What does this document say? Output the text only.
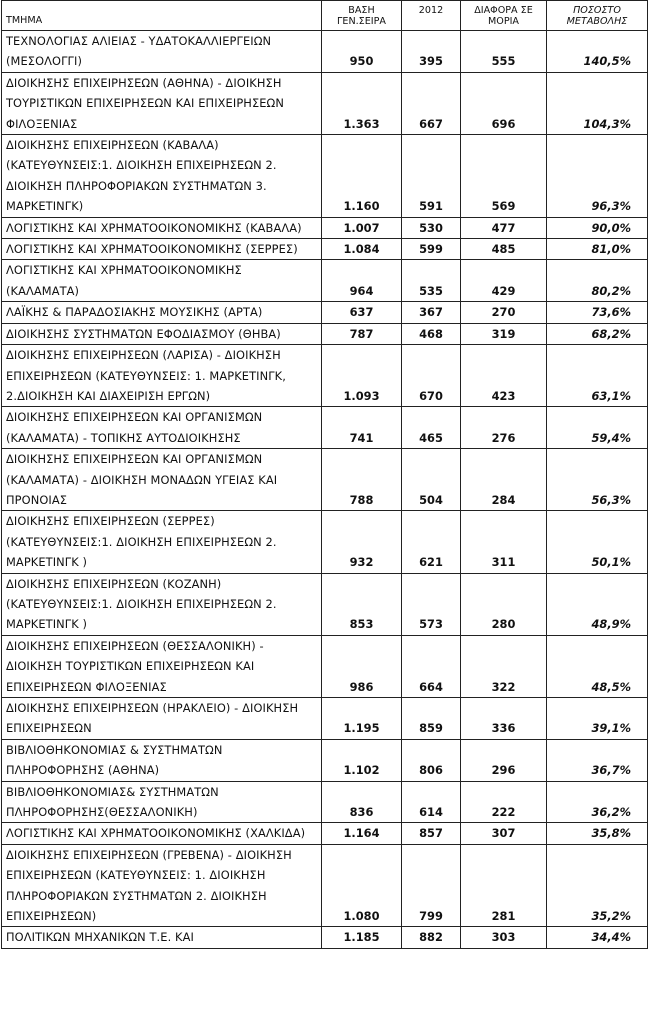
ΤΜΗΜΑ	ΒΑΣΗ ΓΕΝ.ΣΕΙΡΑ	2012	ΔΙΑΦΟΡΑ ΣΕ ΜΟΡΙΑ	ΠΟΣΟΣΤΟ ΜΕΤΑΒΟΛΗΣ
ΤΕΧΝΟΛΟΓΙΑΣ ΑΛΙΕΙΑΣ - ΥΔΑΤΟΚΑΛΛΙΕΡΓΕΙΩΝ (ΜΕΣΟΛΟΓΓΙ)	950	395	555	140,5%
ΔΙΟΙΚΗΣΗΣ ΕΠΙΧΕΙΡΗΣΕΩΝ (ΑΘΗΝΑ) - ΔΙΟΙΚΗΣΗ ΤΟΥΡΙΣΤΙΚΩΝ ΕΠΙΧΕΙΡΗΣΕΩΝ ΚΑΙ ΕΠΙΧΕΙΡΗΣΕΩΝ ΦΙΛΟΞΕΝΙΑΣ	1.363	667	696	104,3%
ΔΙΟΙΚΗΣΗΣ ΕΠΙΧΕΙΡΗΣΕΩΝ (ΚΑΒΑΛΑ) (ΚΑΤΕΥΘΥΝΣΕΙΣ:1. ΔΙΟΙΚΗΣΗ ΕΠΙΧΕΙΡΗΣΕΩΝ 2. ΔΙΟΙΚΗΣΗ ΠΛΗΡΟΦΟΡΙΑΚΩΝ ΣΥΣΤΗΜΑΤΩΝ 3. ΜΑΡΚΕΤΙΝΓΚ)	1.160	591	569	96,3%
ΛΟΓΙΣΤΙΚΗΣ ΚΑΙ ΧΡΗΜΑΤΟΟΙΚΟΝΟΜΙΚΗΣ (ΚΑΒΑΛΑ)	1.007	530	477	90,0%
ΛΟΓΙΣΤΙΚΗΣ ΚΑΙ ΧΡΗΜΑΤΟΟΙΚΟΝΟΜΙΚΗΣ (ΣΕΡΡΕΣ)	1.084	599	485	81,0%
ΛΟΓΙΣΤΙΚΗΣ ΚΑΙ ΧΡΗΜΑΤΟΟΙΚΟΝΟΜΙΚΗΣ (ΚΑΛΑΜΑΤΑ)	964	535	429	80,2%
ΛΑΪΚΗΣ & ΠΑΡΑΔΟΣΙΑΚΗΣ ΜΟΥΣΙΚΗΣ (ΑΡΤΑ)	637	367	270	73,6%
ΔΙΟΙΚΗΣΗΣ ΣΥΣΤΗΜΑΤΩΝ ΕΦΟΔΙΑΣΜΟΥ (ΘΗΒΑ)	787	468	319	68,2%
ΔΙΟΙΚΗΣΗΣ ΕΠΙΧΕΙΡΗΣΕΩΝ (ΛΑΡΙΣΑ) - ΔΙΟΙΚΗΣΗ ΕΠΙΧΕΙΡΗΣΕΩΝ (ΚΑΤΕΥΘΥΝΣΕΙΣ: 1. ΜΑΡΚΕΤΙΝΓΚ, 2.ΔΙΟΙΚΗΣΗ ΚΑΙ ΔΙΑΧΕΙΡΙΣΗ ΕΡΓΩΝ)	1.093	670	423	63,1%
ΔΙΟΙΚΗΣΗΣ ΕΠΙΧΕΙΡΗΣΕΩΝ ΚΑΙ ΟΡΓΑΝΙΣΜΩΝ (ΚΑΛΑΜΑΤΑ) - ΤΟΠΙΚΗΣ ΑΥΤΟΔΙΟΙΚΗΣΗΣ	741	465	276	59,4%
ΔΙΟΙΚΗΣΗΣ ΕΠΙΧΕΙΡΗΣΕΩΝ ΚΑΙ ΟΡΓΑΝΙΣΜΩΝ (ΚΑΛΑΜΑΤΑ) - ΔΙΟΙΚΗΣΗ ΜΟΝΑΔΩΝ ΥΓΕΙΑΣ ΚΑΙ ΠΡΟΝΟΙΑΣ	788	504	284	56,3%
ΔΙΟΙΚΗΣΗΣ ΕΠΙΧΕΙΡΗΣΕΩΝ (ΣΕΡΡΕΣ) (ΚΑΤΕΥΘΥΝΣΕΙΣ:1. ΔΙΟΙΚΗΣΗ ΕΠΙΧΕΙΡΗΣΕΩΝ 2. ΜΑΡΚΕΤΙΝΓΚ )	932	621	311	50,1%
ΔΙΟΙΚΗΣΗΣ ΕΠΙΧΕΙΡΗΣΕΩΝ (ΚΟΖΑΝΗ) (ΚΑΤΕΥΘΥΝΣΕΙΣ:1. ΔΙΟΙΚΗΣΗ ΕΠΙΧΕΙΡΗΣΕΩΝ 2. ΜΑΡΚΕΤΙΝΓΚ )	853	573	280	48,9%
ΔΙΟΙΚΗΣΗΣ ΕΠΙΧΕΙΡΗΣΕΩΝ (ΘΕΣΣΑΛΟΝΙΚΗ) - ΔΙΟΙΚΗΣΗ ΤΟΥΡΙΣΤΙΚΩΝ ΕΠΙΧΕΙΡΗΣΕΩΝ ΚΑΙ ΕΠΙΧΕΙΡΗΣΕΩΝ ΦΙΛΟΞΕΝΙΑΣ	986	664	322	48,5%
ΔΙΟΙΚΗΣΗΣ ΕΠΙΧΕΙΡΗΣΕΩΝ (ΗΡΑΚΛΕΙΟ) - ΔΙΟΙΚΗΣΗ ΕΠΙΧΕΙΡΗΣΕΩΝ	1.195	859	336	39,1%
ΒΙΒΛΙΟΘΗΚΟΝΟΜΙΑΣ & ΣΥΣΤΗΜΑΤΩΝ ΠΛΗΡΟΦΟΡΗΣΗΣ (ΑΘΗΝΑ)	1.102	806	296	36,7%
ΒΙΒΛΙΟΘΗΚΟΝΟΜΙΑΣ& ΣΥΣΤΗΜΑΤΩΝ ΠΛΗΡΟΦΟΡΗΣΗΣ(ΘΕΣΣΑΛΟΝΙΚΗ)	836	614	222	36,2%
ΛΟΓΙΣΤΙΚΗΣ ΚΑΙ ΧΡΗΜΑΤΟΟΙΚΟΝΟΜΙΚΗΣ (ΧΑΛΚΙΔΑ)	1.164	857	307	35,8%
ΔΙΟΙΚΗΣΗΣ ΕΠΙΧΕΙΡΗΣΕΩΝ (ΓΡΕΒΕΝΑ) - ΔΙΟΙΚΗΣΗ ΕΠΙΧΕΙΡΗΣΕΩΝ (ΚΑΤΕΥΘΥΝΣΕΙΣ: 1. ΔΙΟΙΚΗΣΗ ΠΛΗΡΟΦΟΡΙΑΚΩΝ ΣΥΣΤΗΜΑΤΩΝ 2. ΔΙΟΙΚΗΣΗ ΕΠΙΧΕΙΡΗΣΕΩΝ)	1.080	799	281	35,2%
ΠΟΛΙΤΙΚΩΝ ΜΗΧΑΝΙΚΩΝ Τ.Ε. ΚΑΙ	1.185	882	303	34,4%
